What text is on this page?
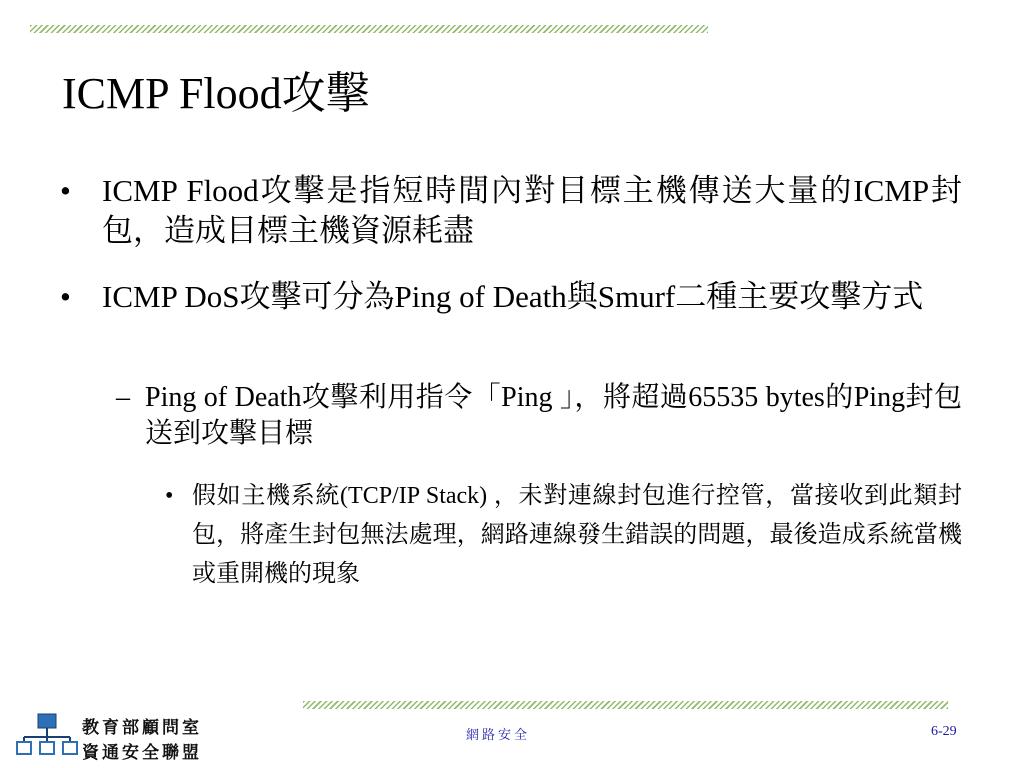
ICMP Flood攻擊
• ICMP Flood攻擊是指短時間內對目標主機傳送大量的ICMP封包，造成目標主機資源耗盡
• ICMP DoS攻擊可分為Ping of Death與Smurf二種主要攻擊方式
– Ping of Death攻擊利用指令「Ping 」，將超過65535 bytes的Ping封包送到攻擊目標
• 假如主機系統(TCP/IP Stack) ，未對連線封包進行控管，當接收到此類封包，將產生封包無法處理，網路連線發生錯誤的問題，最後造成系統當機或重開機的現象
教育部顧問室
資通安全聯盟
網路安全	6-29
